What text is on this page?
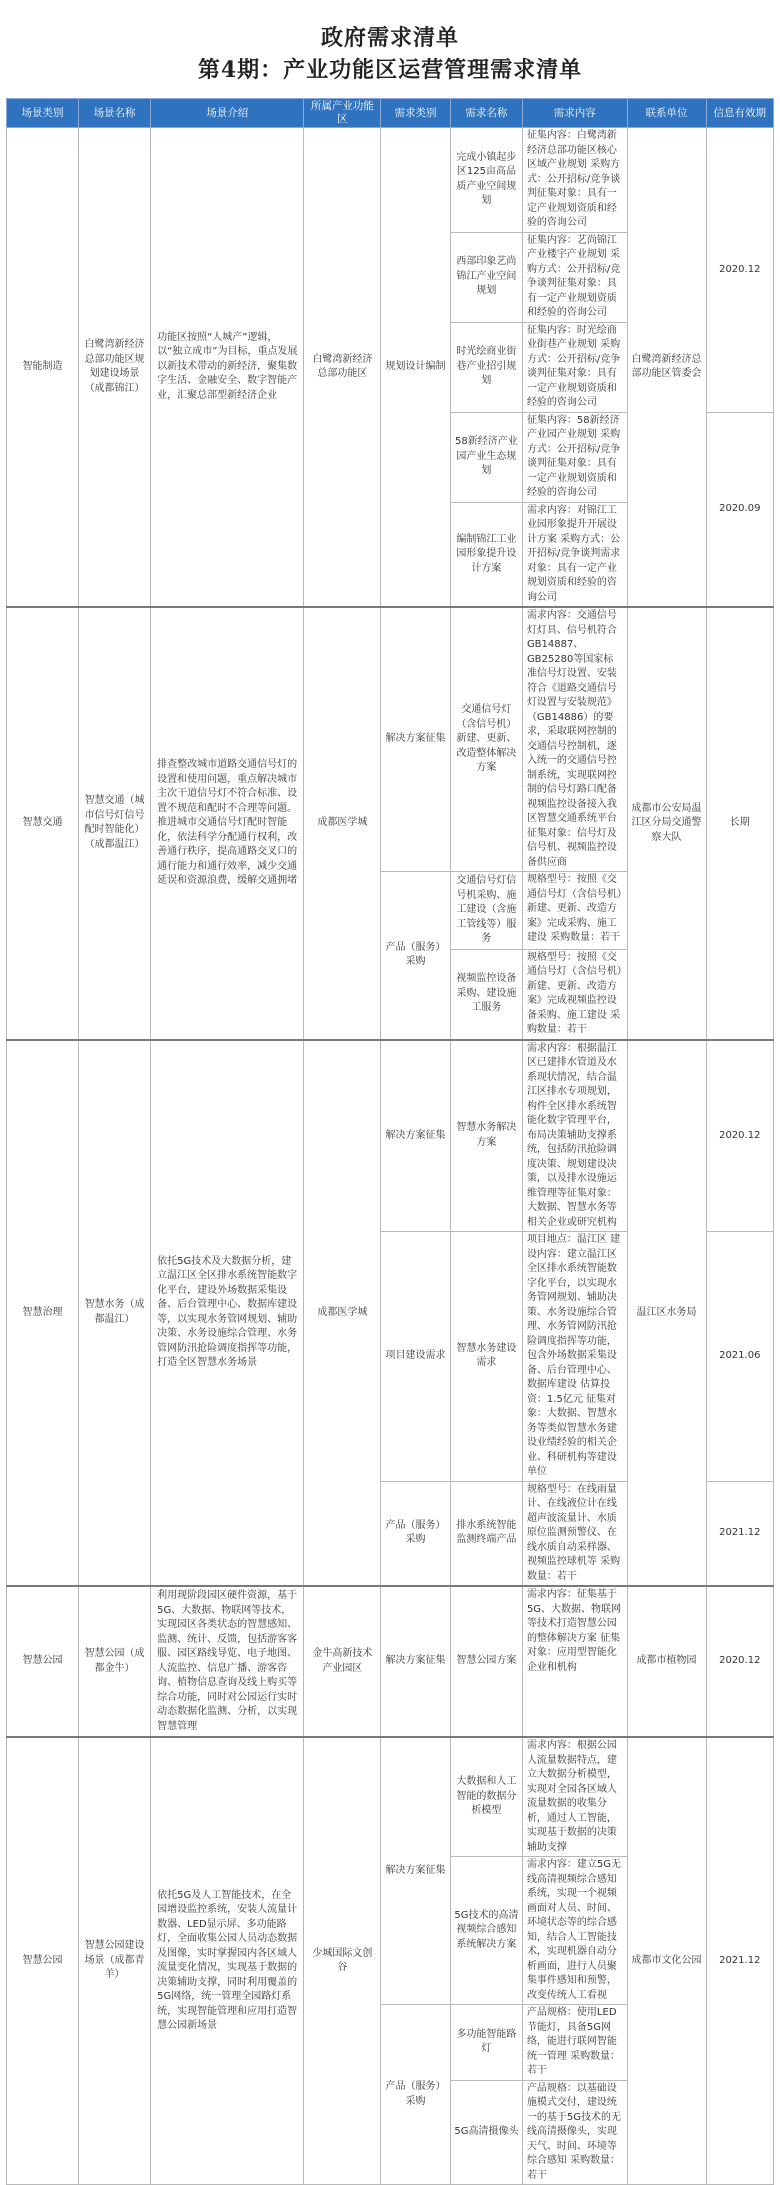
政府需求清单
第4期：产业功能区运营管理需求清单
场景类别	场景名称	场景介绍	所属产业功能区	需求类别	需求名称	需求内容	联系单位	信息有效期
智能制造	白鹭湾新经济总部功能区规划建设场景（成都锦江）	功能区按照“人城产”逻辑，以“独立成市”为目标，重点发展以新技术带动的新经济，聚集数字生活、金融安全、数字智能产业，汇聚总部型新经济企业	白鹭湾新经济总部功能区	规划设计编制	完成小镇起步区125亩高品质产业空间规划	征集内容：白鹭湾新经济总部功能区核心区域产业规划 采购方式：公开招标/竞争谈判征集对象：具有一定产业规划资质和经验的咨询公司	白鹭湾新经济总部功能区管委会	2020.12
					西部印象艺尚锦江产业空间规划	征集内容：艺尚锦江产业楼宇产业规划 采购方式：公开招标/竞争谈判征集对象：具有一定产业规划资质和经验的咨询公司		
					时光绘商业街巷产业招引规划	征集内容：时光绘商业街巷产业规划 采购方式：公开招标/竞争谈判征集对象：具有一定产业规划资质和经验的咨询公司		
					58新经济产业园产业生态规划	征集内容：58新经济产业园产业规划 采购方式：公开招标/竞争谈判征集对象：具有一定产业规划资质和经验的咨询公司		2020.09
					编制锦江工业园形象提升设计方案	需求内容：对锦江工业园形象提升开展设计方案 采购方式：公开招标/竞争谈判需求对象：具有一定产业规划资质和经验的咨询公司		
智慧交通	智慧交通（城市信号灯信号配时智能化）（成都温江）	排查整改城市道路交通信号灯的设置和使用问题，重点解决城市主次干道信号灯不符合标准、设置不规范和配时不合理等问题。推进城市交通信号灯配时智能化，依法科学分配通行权利，改善通行秩序，提高通路交叉口的通行能力和通行效率，减少交通延误和资源浪费，缓解交通拥堵	成都医学城	解决方案征集	交通信号灯（含信号机）新建、更新、改造整体解决方案	需求内容：交通信号灯灯具、信号机符合GB14887、GB25280等国家标准信号灯设置、安装符合《道路交通信号灯设置与安装规范》（GB14886）的要求，采取联网控制的交通信号控制机，逐入统一的交通信号控制系统，实现联网控制的信号灯路口配备视频监控设备接入我区智慧交通系统平台 征集对象：信号灯及信号机、视频监控设备供应商	成都市公安局温江区分局交通警察大队	长期
				产品（服务）采购	交通信号灯信号机采购、施工建设（含施工管线等）服务	规格型号：按照《交通信号灯（含信号机）新建、更新、改造方案》完成采购、施工建设 采购数量：若干		
					视频监控设备采购、建设施工服务	规格型号：按照《交通信号灯（含信号机）新建、更新、改造方案》完成视频监控设备采购、施工建设 采购数量：若干		
智慧治理	智慧水务（成都温江）	依托5G技术及大数据分析，建立温江区全区排水系统智能数字化平台，建设外场数据采集设备、后台管理中心、数据库建设等，以实现水务管网规划、辅助决策、水务设施综合管理、水务管网防汛抢险调度指挥等功能，打造全区智慧水务场景	成都医学城	解决方案征集	智慧水务解决方案	需求内容：根据温江区已建排水管道及水系现状情况，结合温江区排水专项规划，构件全区排水系统智能化数字管理平台，布局决策辅助支撑系统，包括防汛抢险调度决策、规划建设决策，以及排水设施运维管理等征集对象：大数据、智慧水务等相关企业或研究机构	温江区水务局	2020.12
				项目建设需求	智慧水务建设需求	项目地点：温江区 建设内容：建立温江区全区排水系统智能数字化平台，以实现水务管网规划、辅助决策、水务设施综合管理、水务管网防汛抢险调度指挥等功能，包含外场数据采集设备、后台管理中心、数据库建设 估算投资：1.5亿元 征集对象：大数据、智慧水务等类似智慧水务建设业绩经验的相关企业、科研机构等建设单位		2021.06
				产品（服务）采购	排水系统智能监测终端产品	规格型号：在线雨量计、在线液位计在线超声波流量计、水质原位监测预警仪、在线水质自动采样器、视频监控球机等 采购数量：若干		2021.12
智慧公园	智慧公园（成都金牛）	利用现阶段园区硬件资源，基于5G、大数据、物联网等技术，实现园区各类状态的智慧感知、监测、统计、反馈，包括游客客服、园区路线导览、电子地图、人流监控、信息广播、游客咨询、植物信息查询及线上购买等综合功能，同时对公园运行实时动态数据化监测、分析，以实现智慧管理	金牛高新技术产业园区	解决方案征集	智慧公园方案	需求内容：征集基于5G、大数据、物联网等技术打造智慧公园的整体解决方案 征集对象：应用型智能化企业和机构	成都市植物园	2020.12
智慧公园	智慧公园建设场景（成都青羊）	依托5G及人工智能技术，在全园增设监控系统，安装人流量计数器、LED显示屏、多功能路灯，全面收集公园人员动态数据及图像，实时掌握园内各区域人流量变化情况，实现基于数据的决策辅助支撑，同时利用覆盖的5G网络，统一管理全园路灯系统，实现智能管理和应用打造智慧公园新场景	少城国际文创谷	解决方案征集	大数据和人工智能的数据分析模型	需求内容：根据公园人流量数据特点，建立大数据分析模型，实现对全园各区域人流量数据的收集分析，通过人工智能，实现基于数据的决策辅助支撑	成都市文化公园	2021.12
					5G技术的高清视频综合感知系统解决方案	需求内容：建立5G无线高清视频综合感知系统，实现一个视频画面对人员、时间、环境状态等的综合感知，结合人工智能技术，实现机器自动分析画面，进行人员聚集事件感知和预警，改变传统人工看视		
				产品（服务）采购	多功能智能路灯	产品规格：使用LED节能灯，具备5G网络，能进行联网智能统一管理 采购数量：若干		
					5G高清摄像头	产品规格：以基础设施模式交付，建设统一的基于5G技术的无线高清摄像头，实现天气、时间、环境等综合感知 采购数量：若干		
